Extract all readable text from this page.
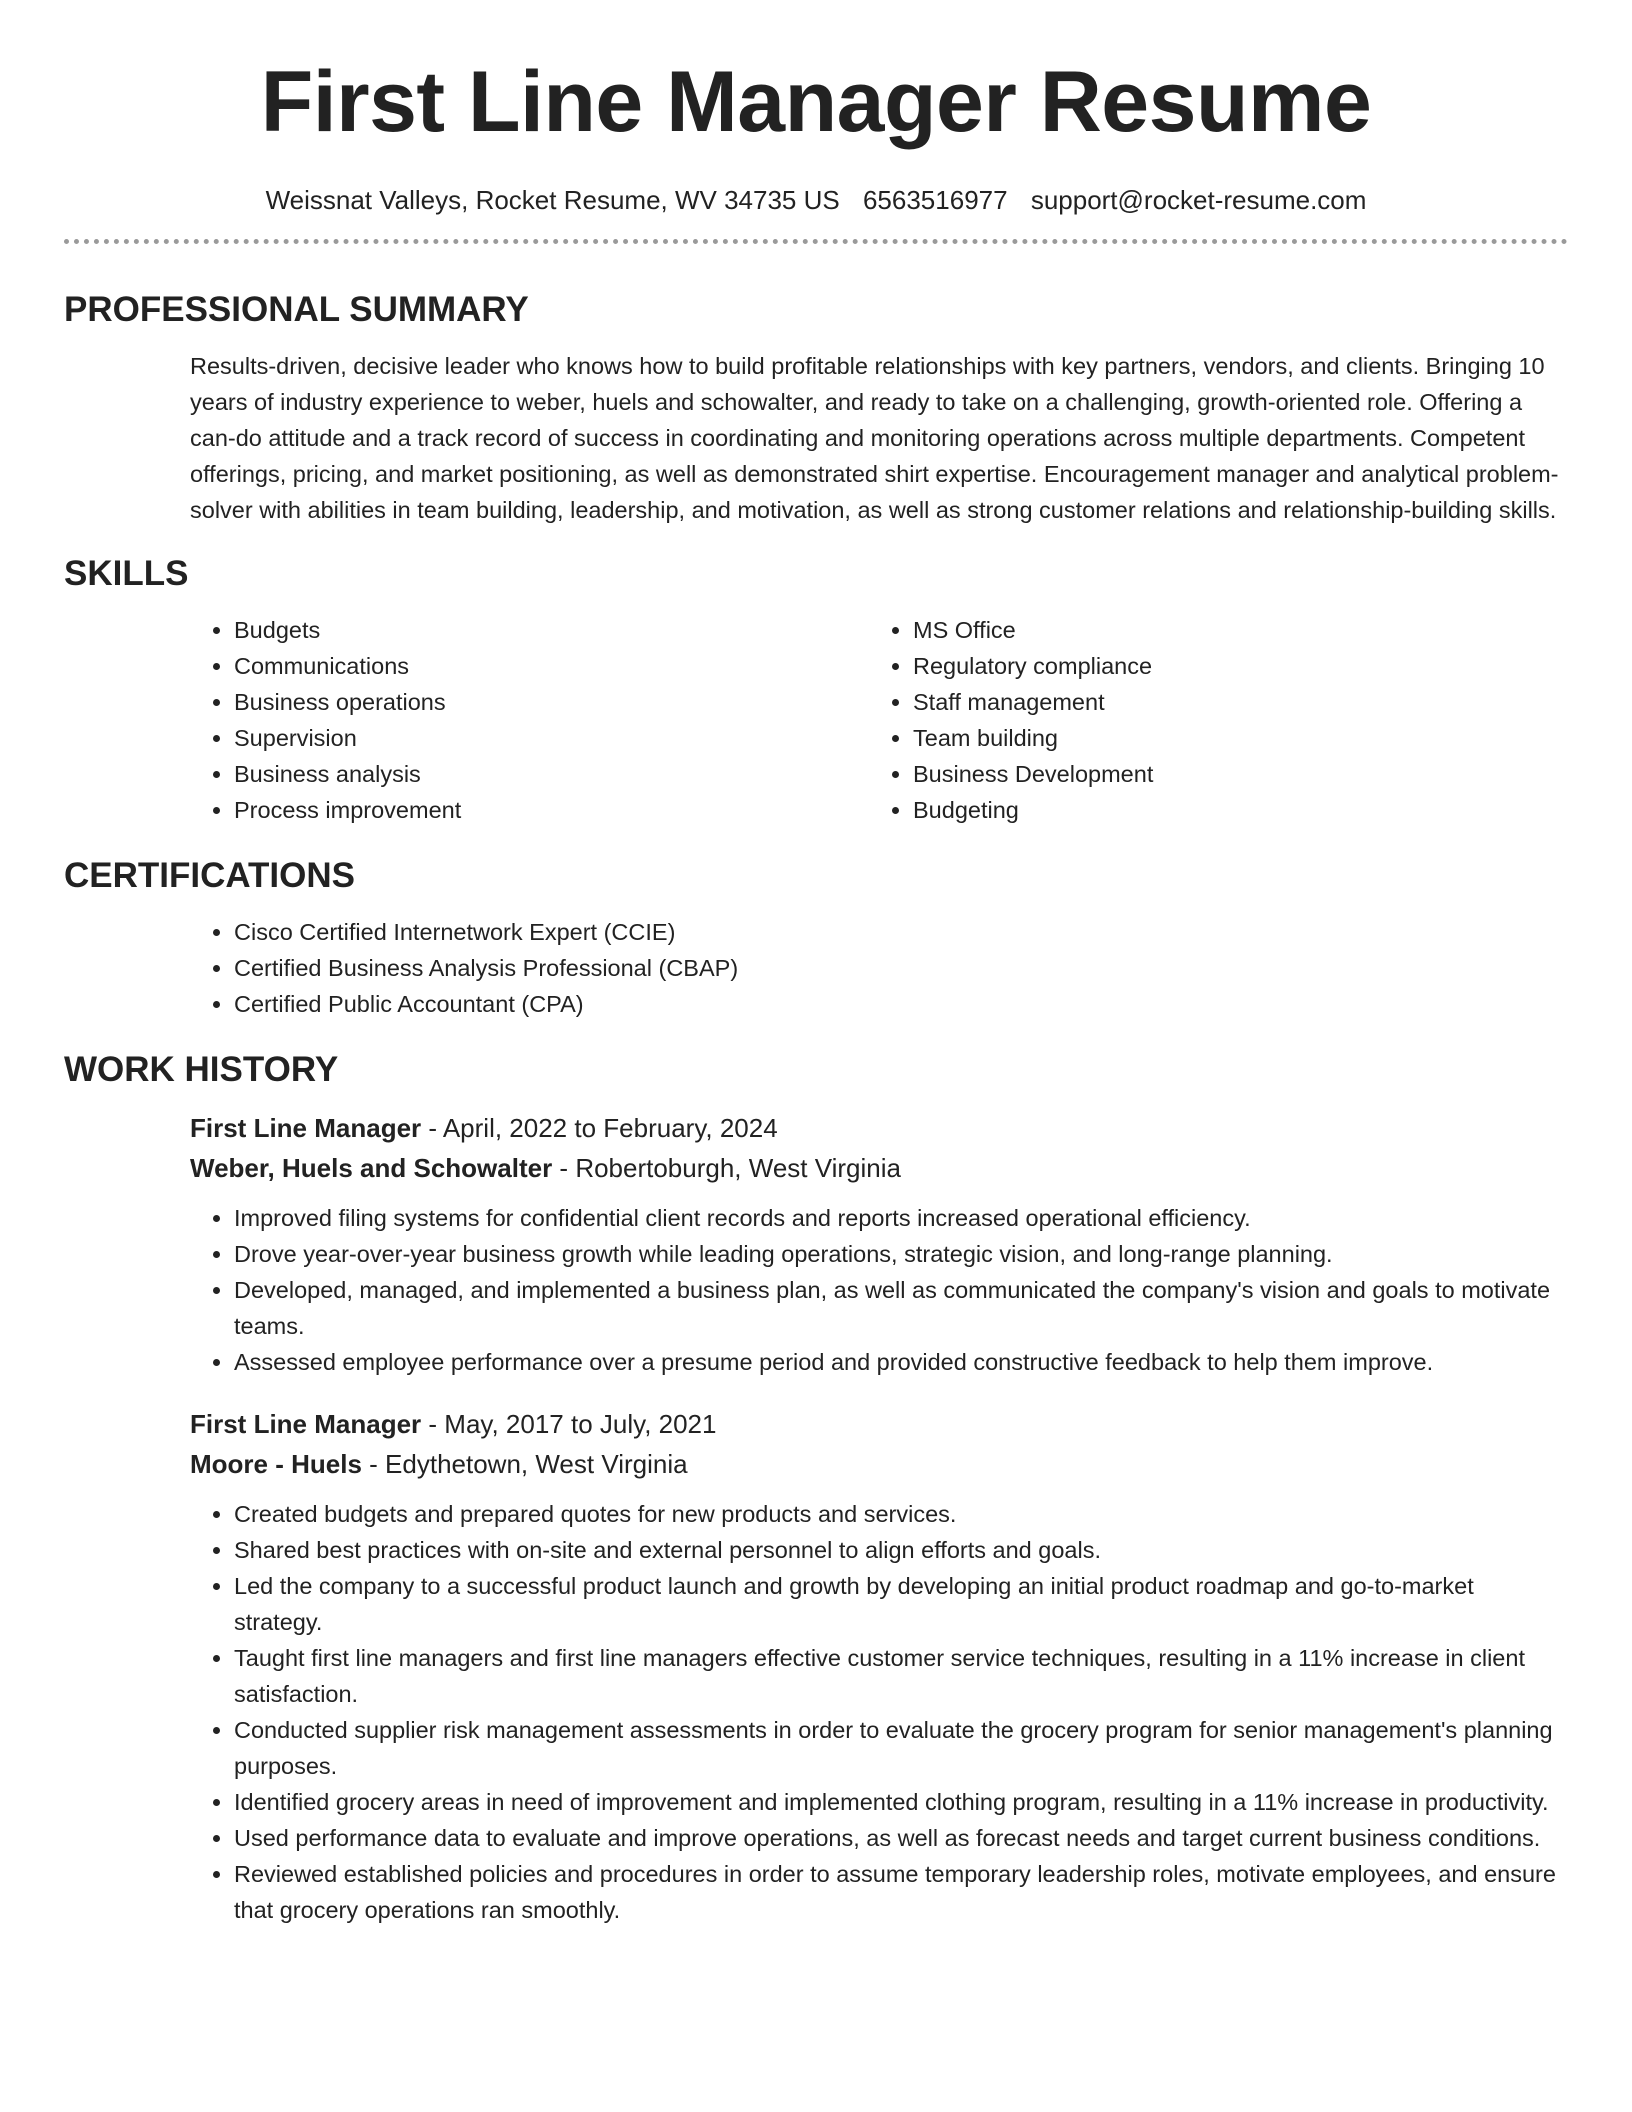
First Line Manager Resume
Weissnat Valleys, Rocket Resume, WV 34735 US 6563516977 support@rocket-resume.com
PROFESSIONAL SUMMARY

Results-driven, decisive leader who knows how to build profitable relationships with key partners, vendors, and clients. Bringing 10 years of industry experience to weber, huels and schowalter, and ready to take on a challenging, growth-oriented role. Offering a can-do attitude and a track record of success in coordinating and monitoring operations across multiple departments. Competent offerings, pricing, and market positioning, as well as demonstrated shirt expertise. Encouragement manager and analytical problem-solver with abilities in team building, leadership, and motivation, as well as strong customer relations and relationship-building skills.

SKILLS
• Budgets
• Communications
• Business operations
• Supervision
• Business analysis
• Process improvement
• MS Office
• Regulatory compliance
• Staff management
• Team building
• Business Development
• Budgeting
CERTIFICATIONS
• Cisco Certified Internetwork Expert (CCIE)
• Certified Business Analysis Professional (CBAP)
• Certified Public Accountant (CPA)
WORK HISTORY
First Line Manager - April, 2022 to February, 2024
Weber, Huels and Schowalter - Robertoburgh, West Virginia
• Improved filing systems for confidential client records and reports increased operational efficiency.
• Drove year-over-year business growth while leading operations, strategic vision, and long-range planning.
• Developed, managed, and implemented a business plan, as well as communicated the company's vision and goals to motivate teams.
• Assessed employee performance over a presume period and provided constructive feedback to help them improve.
First Line Manager - May, 2017 to July, 2021
Moore - Huels - Edythetown, West Virginia
• Created budgets and prepared quotes for new products and services.
• Shared best practices with on-site and external personnel to align efforts and goals.
• Led the company to a successful product launch and growth by developing an initial product roadmap and go-to-market strategy.
• Taught first line managers and first line managers effective customer service techniques, resulting in a 11% increase in client satisfaction.
• Conducted supplier risk management assessments in order to evaluate the grocery program for senior management's planning purposes.
• Identified grocery areas in need of improvement and implemented clothing program, resulting in a 11% increase in productivity.
• Used performance data to evaluate and improve operations, as well as forecast needs and target current business conditions.
• Reviewed established policies and procedures in order to assume temporary leadership roles, motivate employees, and ensure that grocery operations ran smoothly.
